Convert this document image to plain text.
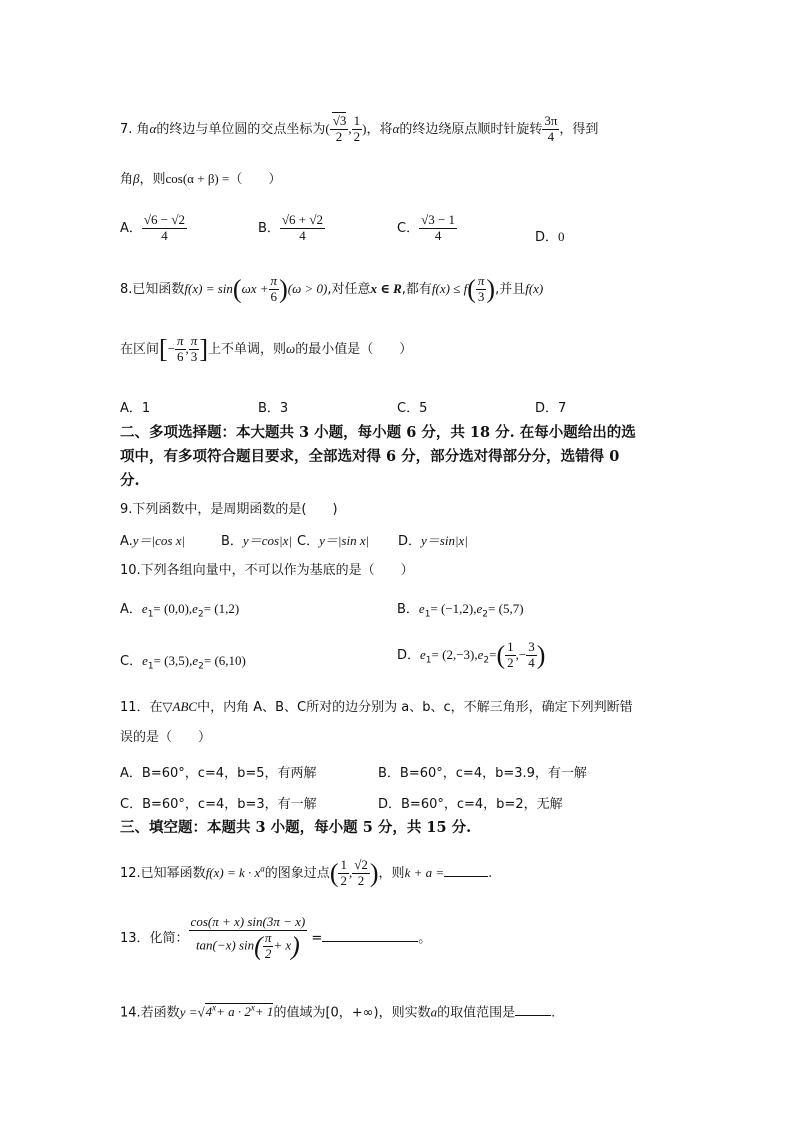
7. 角α的终边与单位圆的交点坐标为( $\frac{√3}{2}$ , $\frac{1}{2}$ )，将α的终边绕原点顺时针旋转 $\frac{3\pi}{4}$ ，得到
角β，则cos(α + β) =（　　）
A． $\frac{√6 - √2}{4}$	B． $\frac{√6 + √2}{4}$	C． $\frac{√3 - 1}{4}$	D．0
8.已知函数$f(x) = \sin(\omega x + \frac{\pi}{6} )(\omega > 0)$,对任意x ∈ R,都有$f(x) \le f( \frac{\pi}{3}$ ),并且f(x)
在区间[− $\frac{\pi}{6}$ , $\frac{\pi}{3}$ ]上不单调，则ω的最小值是（　　）
A．1	B．3	C．5	D．7
二、多项选择题：本大题共 3 小题，每小题 6 分，共 18 分. 在每小题给出的选
项中，有多项符合题目要求，全部选对得 6 分，部分选对得部分分，选错得 0
分.
9.下列函数中，是周期函数的是(　　)
A.y＝|cos x|	B．y＝cos|x| C．y＝|sin x| D．y＝sin|x|
10.下列各组向量中，不可以作为基底的是（　　）
A．$e_1= (0,0),e_2= (1,2)$	B．$e_1= (-1,2),e_2= (5,7)$
C．$e_1= (3,5),e_2= (6,10)$	D．$e_1= (2,-3),e_2=( \frac{1}{2}$ ,− $\frac{3}{4}$ )
11．在▽ABC中，内角 A、B、C所对的边分别为 a、b、c，不解三角形，确定下列判断错
误的是（　　）
A．B=60°，c=4，b=5，有两解	B．B=60°，c=4，b=3.9，有一解
C．B=60°，c=4，b=3，有一解	D．B=60°，c=4，b=2，无解
三、填空题：本题共 3 小题，每小题 5 分，共 15 分.
12.已知幂函数$f(x) = k \cdot x^a$的图象过点( $\frac{1}{2}$ , $\frac{√2}{2}$ )，则k + a =	.
13．化简： $\frac{\cos(\pi + x) \sin(3\pi - x)}{\tan(-x) \sin( \frac{\pi}{2} + x)}$ =	。
14.若函数$y =√4^x+ a \cdot 2^x+ 1$的值域为[0，+∞)，则实数a的取值范围是	.
